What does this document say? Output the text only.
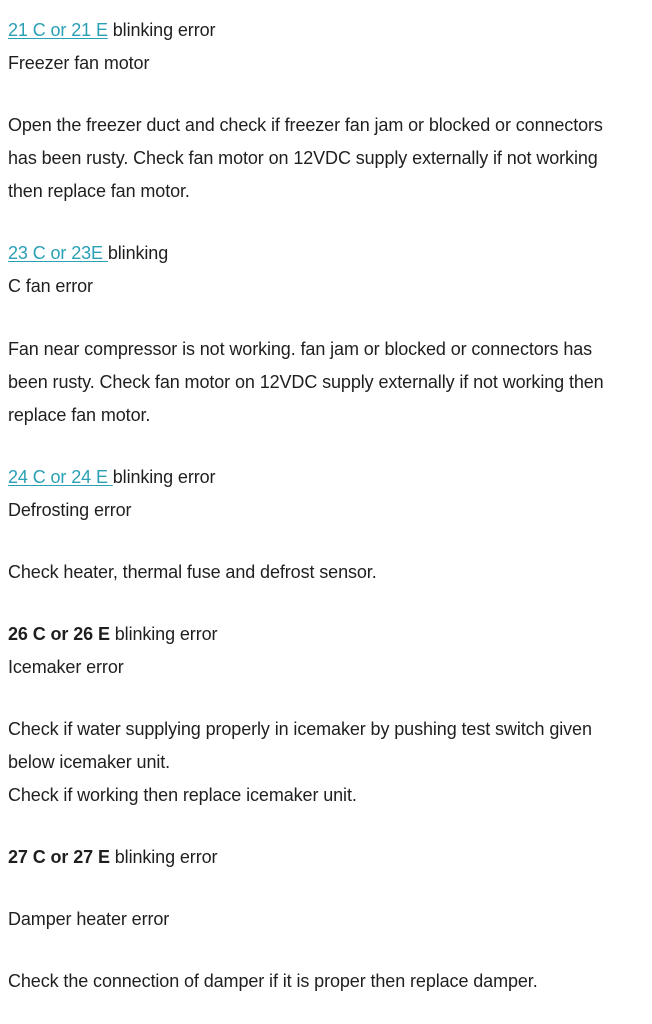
21 C or 21 E blinking error
Freezer fan motor
Open the freezer duct and check if freezer fan jam or blocked or connectors
has been rusty. Check fan motor on 12VDC supply externally if not working
then replace fan motor.
23 C or 23E blinking
C fan error
Fan near compressor is not working. fan jam or blocked or connectors has
been rusty. Check fan motor on 12VDC supply externally if not working then
replace fan motor.
24 C or 24 E blinking error
Defrosting error
Check heater, thermal fuse and defrost sensor.
26 C or 26 E blinking error
Icemaker error
Check if water supplying properly in icemaker by pushing test switch given
below icemaker unit.
Check if working then replace icemaker unit.
27 C or 27 E blinking error
Damper heater error
Check the connection of damper if it is proper then replace damper.
